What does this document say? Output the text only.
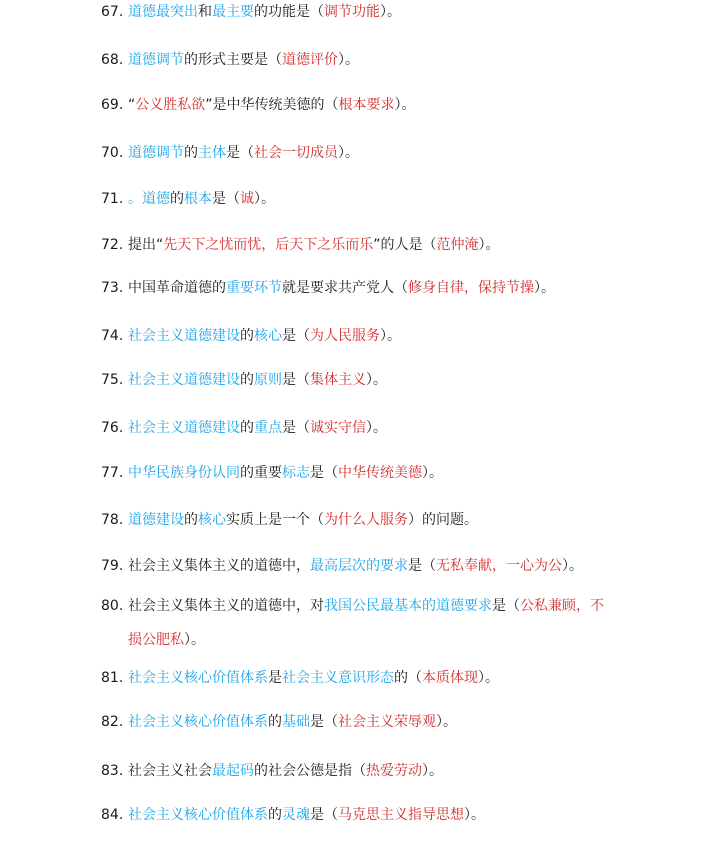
67. 道德最突出和最主要的功能是（调节功能）。
68. 道德调节的形式主要是（道德评价）。
69. “公义胜私欲”是中华传统美德的（根本要求）。
70. 道德调节的主体是（社会一切成员）。
71. 。道德的根本是（诚）。
72. 提出“先天下之忧而忧，后天下之乐而乐”的人是（范仲淹）。
73. 中国革命道德的重要环节就是要求共产党人（修身自律，保持节操）。
74. 社会主义道德建设的核心是（为人民服务）。
75. 社会主义道德建设的原则是（集体主义）。
76. 社会主义道德建设的重点是（诚实守信）。
77. 中华民族身份认同的重要标志是（中华传统美德）。
78. 道德建设的核心实质上是一个（为什么人服务）的问题。
79. 社会主义集体主义的道德中，最高层次的要求是（无私奉献，一心为公）。
80. 社会主义集体主义的道德中，对我国公民最基本的道德要求是（公私兼顾，不
81. 社会主义核心价值体系是社会主义意识形态的（本质体现）。
82. 社会主义核心价值体系的基础是（社会主义荣辱观）。
83. 社会主义社会最起码的社会公德是指（热爱劳动）。
84. 社会主义核心价值体系的灵魂是（马克思主义指导思想）。
损公肥私）。
